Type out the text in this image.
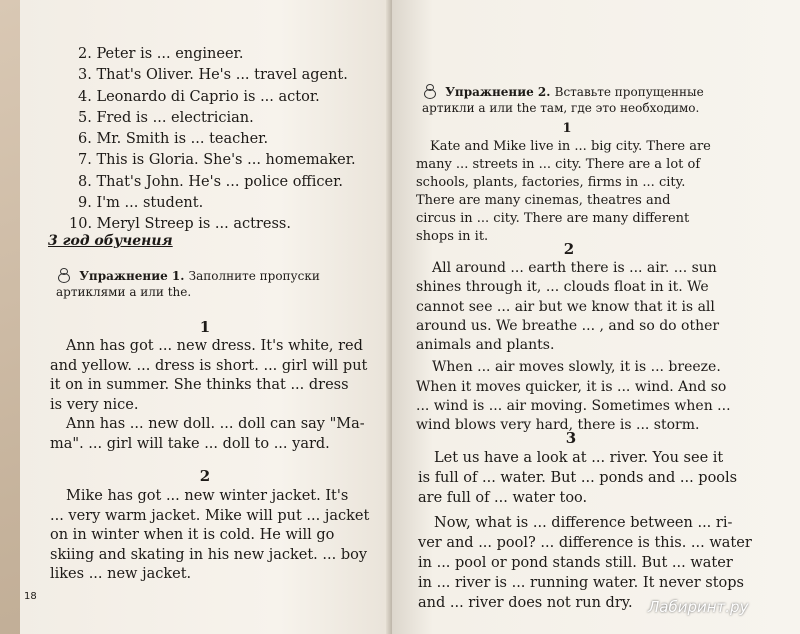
2. Peter is ... engineer.
3. That's Oliver. He's ... travel agent.
4. Leonardo di Caprio is ... actor.
5. Fred is ... electrician.
6. Mr. Smith is ... teacher.
7. This is Gloria. She's ... homemaker.
8. That's John. He's ... police officer.
9. I'm ... student.
10. Meryl Streep is ... actress.
3 год обучения
Упражнение 1. Заполните пропуски
артиклями a или the.
1
Ann has got ... new dress. It's white, red
and yellow. ... dress is short. ... girl will put
it on in summer. She thinks that ... dress
is very nice.
Ann has ... new doll. ... doll can say "Ma-
ma". ... girl will take ... doll to ... yard.
2
Mike has got ... new winter jacket. It's
... very warm jacket. Mike will put ... jacket
on in winter when it is cold. He will go
skiing and skating in his new jacket. ... boy
likes ... new jacket.
18
Упражнение 2. Вставьте пропущенные
артикли a или the там, где это необходимо.
1
Kate and Mike live in ... big city. There are
many ... streets in ... city. There are a lot of
schools, plants, factories, firms in ... city.
There are many cinemas, theatres and
circus in ... city. There are many different
shops in it.
2
All around ... earth there is ... air. ... sun
shines through it, ... clouds float in it. We
cannot see ... air but we know that it is all
around us. We breathe ... , and so do other
animals and plants.
When ... air moves slowly, it is ... breeze.
When it moves quicker, it is ... wind. And so
... wind is ... air moving. Sometimes when ...
wind blows very hard, there is ... storm.
3
Let us have a look at ... river. You see it
is full of ... water. But ... ponds and ... pools
are full of ... water too.
Now, what is ... difference between ... ri-
ver and ... pool? ... difference is this. ... water
in ... pool or pond stands still. But ... water
in ... river is ... running water. It never stops
and ... river does not run dry.	Лабиринт.ру
